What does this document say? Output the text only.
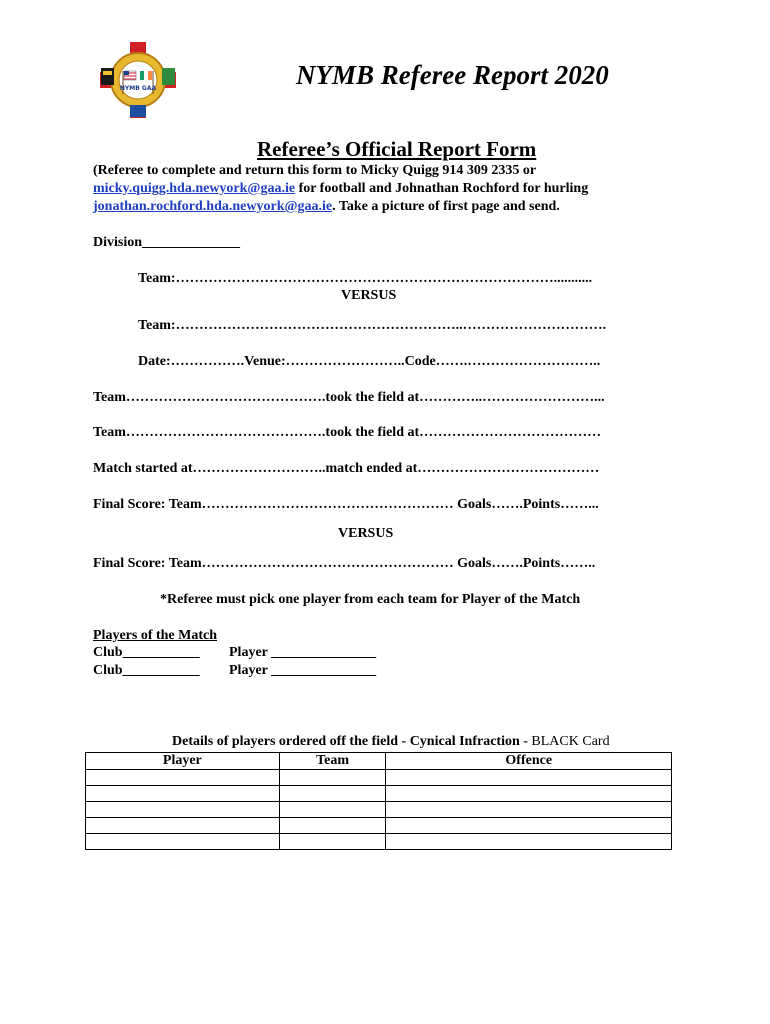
NYMB GAA	NYMB Referee Report 2020
Referee’s Official Report Form
(Referee to complete and return this form to Micky Quigg 914 309 2335 or
micky.quigg.hda.newyork@gaa.ie for football and Johnathan Rochford for hurling
jonathan.rochford.hda.newyork@gaa.ie. Take a picture of first page and send.
Division______________
Team:………………………………………………………………………...........
VERSUS
Team:……………………………………………………..………………………….
Date:…………….Venue:……………………..Code…….………………………..
Team…………………………………….took the field at…………..……………………...
Team…………………………………….took the field at…………………………………
Match started at………………………..match ended at…………………………………
Final Score: Team……………………………………………… Goals…….Points……...
VERSUS
Final Score: Team……………………………………………… Goals…….Points……..
*Referee must pick one player from each team for Player of the Match
Players of the Match
Club___________ Player _______________
Club___________ Player _______________
Details of players ordered off the field - Cynical Infraction - BLACK Card
Player	Team	Offence
